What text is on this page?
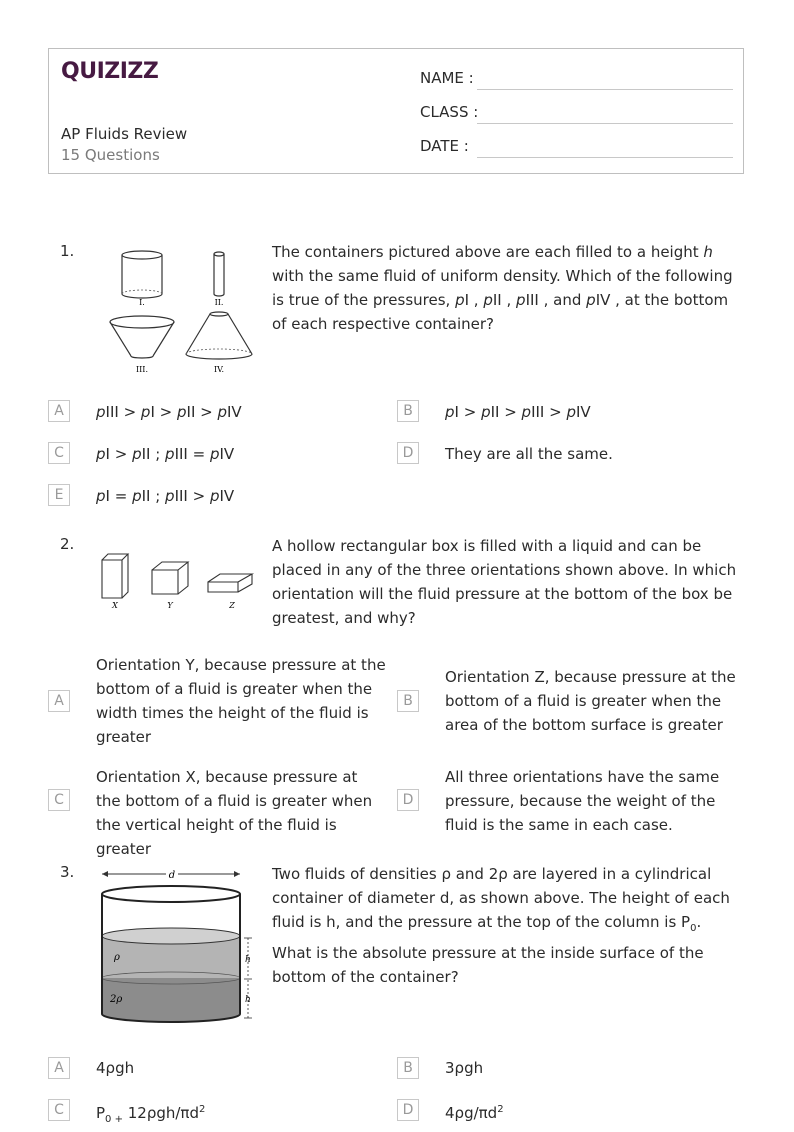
QUIZIZZ
AP Fluids Review
15 Questions
NAME :
CLASS :
DATE :
1.
I.	II.
III.	IV.
The containers pictured above are each filled to a height h with the same fluid of uniform density. Which of the following is true of the pressures, pI , pII , pIII , and pIV , at the bottom of each respective container?
A	pIII > pI > pII > pIV	B	pI > pII > pIII > pIV
C	pI > pII ; pIII = pIV	D	They are all the same.
E	pI = pII ; pIII > pIV
2.
X	Y	Z
A hollow rectangular box is filled with a liquid and can be placed in any of the three orientations shown above. In which orientation will the fluid pressure at the bottom of the box be greatest, and why?
A
Orientation Y, because pressure at the bottom of a fluid is greater when the width times the height of the fluid is greater
B
Orientation Z, because pressure at the bottom of a fluid is greater when the area of the bottom surface is greater
C
Orientation X, because pressure at the bottom of a fluid is greater when the vertical height of the fluid is greater
D
All three orientations have the same pressure, because the weight of the fluid is the same in each case.
3.	d
ρ
2ρ
h
h
Two fluids of densities ρ and 2ρ are layered in a cylindrical container of diameter d, as shown above. The height of each fluid is h, and the pressure at the top of the column is $P_0$. What is the absolute pressure at the inside surface of the bottom of the container?
A	4ρgh	B	3ρgh
C	$P_{0 +}$ $12\rho gh/\pi d^2$	D	$4\rho g/\pi d^2$
